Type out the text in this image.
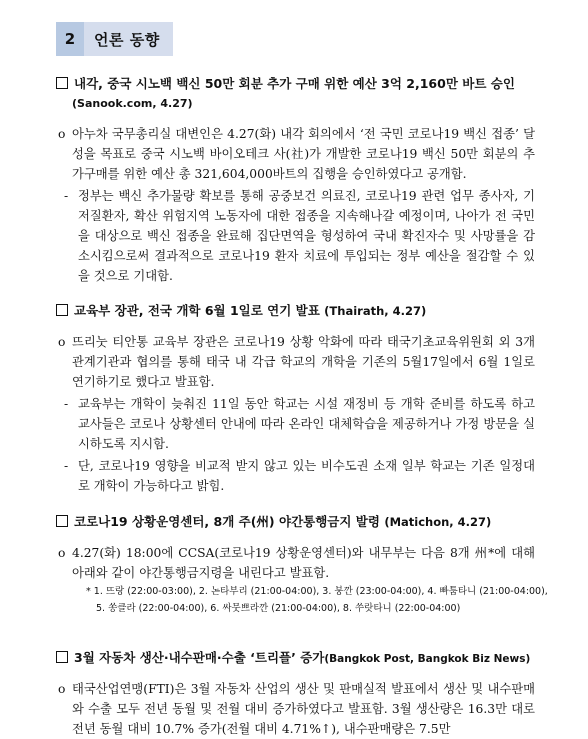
2	언론 동향
내각, 중국 시노백 백신 50만 회분 추가 구매 위한 예산 3억 2,160만 바트 승인
(Sanook.com, 4.27)
o 아누차 국무총리실 대변인은 4.27(화) 내각 회의에서 ‘전 국민 코로나19 백신 접종’ 달성을 목표로 중국 시노백 바이오테크 사(社)가 개발한 코로나19 백신 50만 회분의 추가구매를 위한 예산 총 321,604,000바트의 집행을 승인하였다고 공개함.
- 정부는 백신 추가물량 확보를 통해 공중보건 의료진, 코로나19 관련 업무 종사자, 기저질환자, 확산 위험지역 노동자에 대한 접종을 지속해나갈 예정이며, 나아가 전 국민을 대상으로 백신 접종을 완료해 집단면역을 형성하여 국내 확진자수 및 사망률을 감소시킴으로써 결과적으로 코로나19 환자 치료에 투입되는 정부 예산을 절감할 수 있을 것으로 기대함.
교육부 장관, 전국 개학 6월 1일로 연기 발표 (Thairath, 4.27)
o 뜨리눗 티안통 교육부 장관은 코로나19 상황 악화에 따라 태국기초교육위원회 외 3개 관계기관과 협의를 통해 태국 내 각급 학교의 개학을 기존의 5월17일에서 6월 1일로 연기하기로 했다고 발표함.
- 교육부는 개학이 늦춰진 11일 동안 학교는 시설 재정비 등 개학 준비를 하도록 하고 교사들은 코로나 상황센터 안내에 따라 온라인 대체학습을 제공하거나 가정 방문을 실시하도록 지시함.
- 단, 코로나19 영향을 비교적 받지 않고 있는 비수도권 소재 일부 학교는 기존 일정대로 개학이 가능하다고 밝힘.
코로나19 상황운영센터, 8개 주(州) 야간통행금지 발령 (Matichon, 4.27)
o 4.27(화) 18:00에 CCSA(코로나19 상황운영센터)와 내무부는 다음 8개 州*에 대해 아래와 같이 야간통행금지령을 내린다고 발표함.
* 1. 뜨랑 (22:00-03:00), 2. 논타부리 (21:00-04:00), 3. 붕깐 (23:00-04:00), 4. 빠툼타니 (21:00-04:00),
5. 쏭클라 (22:00-04:00), 6. 싸뭇쁘라깐 (21:00-04:00), 8. 쑤랏타니 (22:00-04:00)
3월 자동차 생산·내수판매·수출 ‘트리플’ 증가(Bangkok Post, Bangkok Biz News)
o 태국산업연맹(FTI)은 3월 자동차 산업의 생산 및 판매실적 발표에서 생산 및 내수판매와 수출 모두 전년 동월 및 전월 대비 증가하였다고 발표함. 3월 생산량은 16.3만 대로 전년 동월 대비 10.7% 증가(전월 대비 4.71%↑), 내수판매량은 7.5만
